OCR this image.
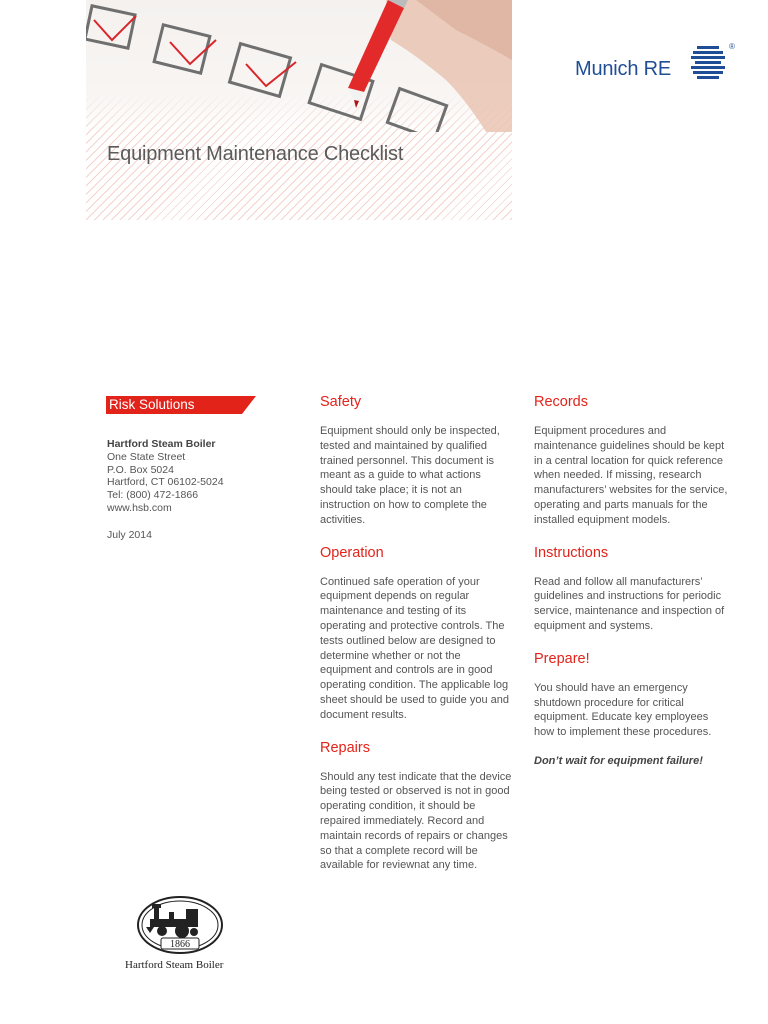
Equipment Maintenance Checklist
Munich RE
®
Risk Solutions
Hartford Steam Boiler
One State Street
P.O. Box 5024
Hartford, CT 06102-5024
Tel: (800) 472-1866
www.hsb.com
July 2014
Safety

Equipment should only be inspected, tested and maintained by qualified trained personnel. This document is meant as a guide to what actions should take place; it is not an instruction on how to complete the activities.

Operation

Continued safe operation of your equipment depends on regular maintenance and testing of its operating and protective controls. The tests outlined below are designed to determine whether or not the equipment and controls are in good operating condition. The applicable log sheet should be used to guide you and document results.

Repairs

Should any test indicate that the device being tested or observed is not in good operating condition, it should be repaired immediately. Record and maintain records of repairs or changes so that a complete record will be available for reviewnat any time.

Records

Equipment procedures and maintenance guidelines should be kept in a central location for quick reference when needed. If missing, research manufacturers’ websites for the service, operating and parts manuals for the installed equipment models.

Instructions

Read and follow all manufacturers’ guidelines and instructions for periodic service, maintenance and inspection of equipment and systems.

Prepare!

You should have an emergency shutdown procedure for critical equipment. Educate key employees how to implement these procedures.

Don’t wait for equipment failure!

1866
Hartford Steam Boiler
